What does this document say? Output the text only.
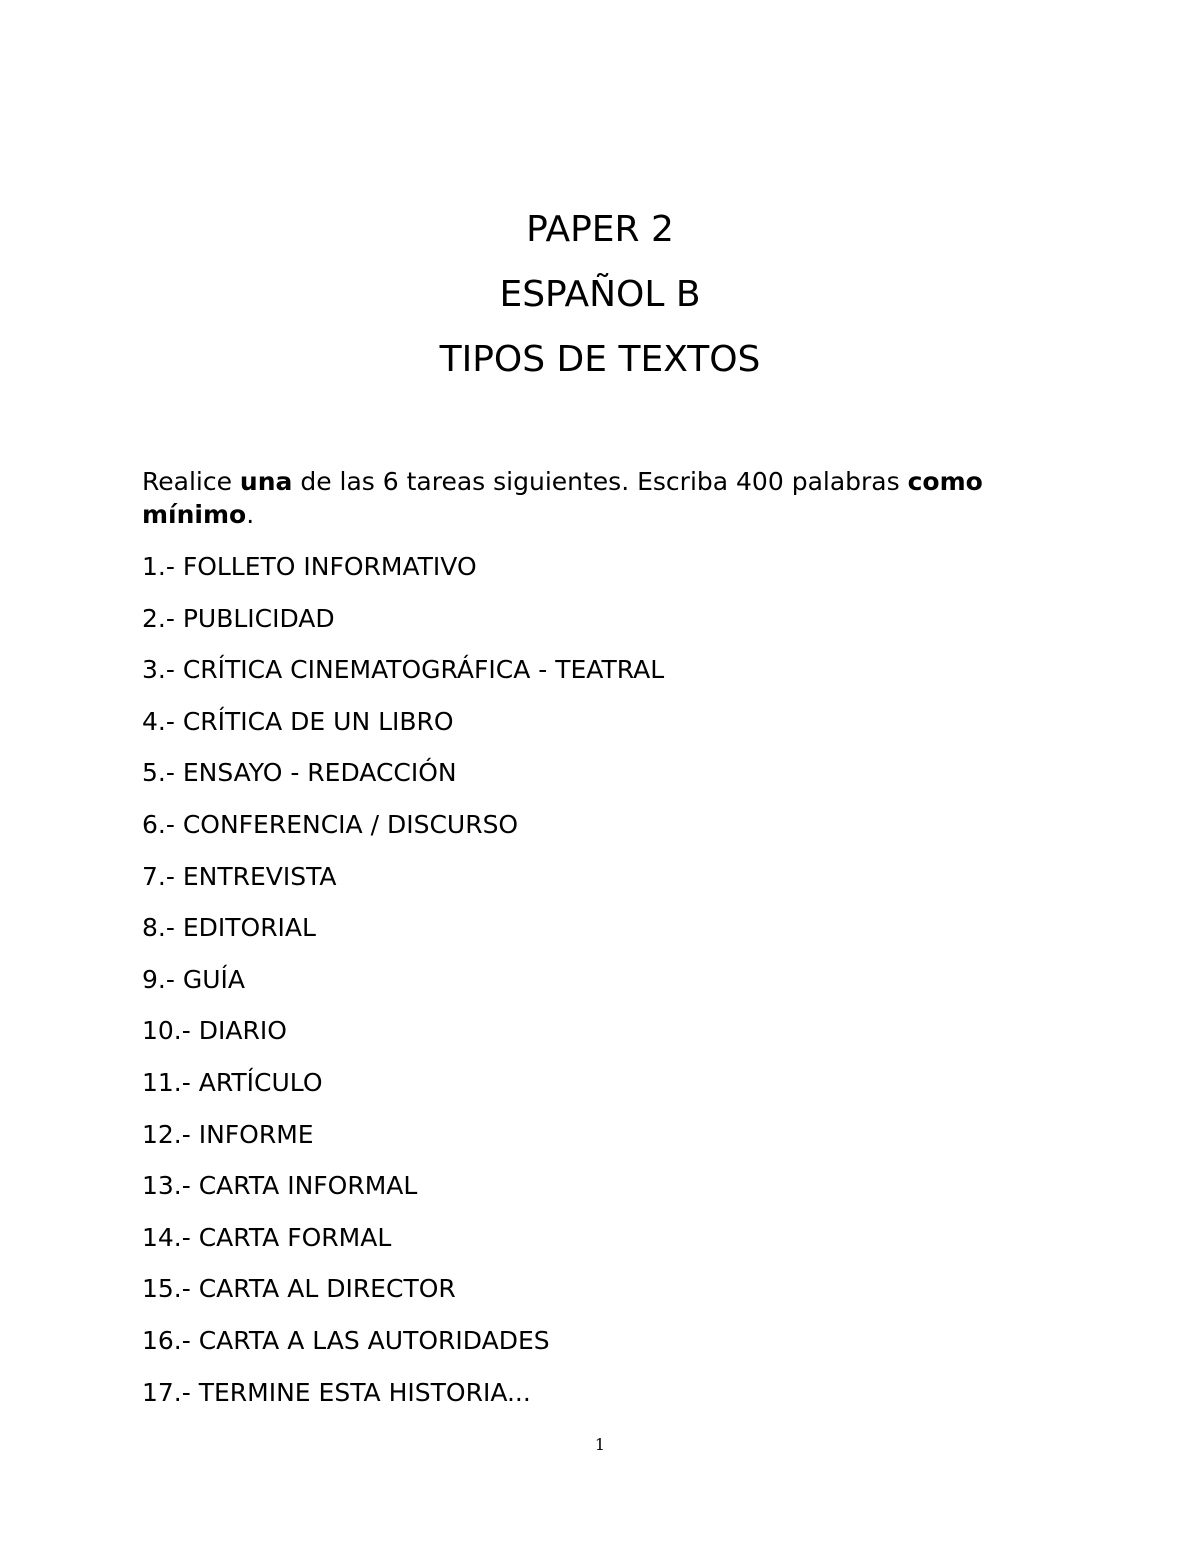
PAPER 2
ESPAÑOL B
TIPOS DE TEXTOS
Realice una de las 6 tareas siguientes. Escriba 400 palabras como mínimo.
1.- FOLLETO INFORMATIVO
2.- PUBLICIDAD
3.- CRÍTICA CINEMATOGRÁFICA - TEATRAL
4.- CRÍTICA DE UN LIBRO
5.- ENSAYO - REDACCIÓN
6.- CONFERENCIA / DISCURSO
7.- ENTREVISTA
8.- EDITORIAL
9.- GUÍA
10.- DIARIO
11.- ARTÍCULO
12.- INFORME
13.- CARTA INFORMAL
14.- CARTA FORMAL
15.- CARTA AL DIRECTOR
16.- CARTA A LAS AUTORIDADES
17.- TERMINE ESTA HISTORIA...
1
